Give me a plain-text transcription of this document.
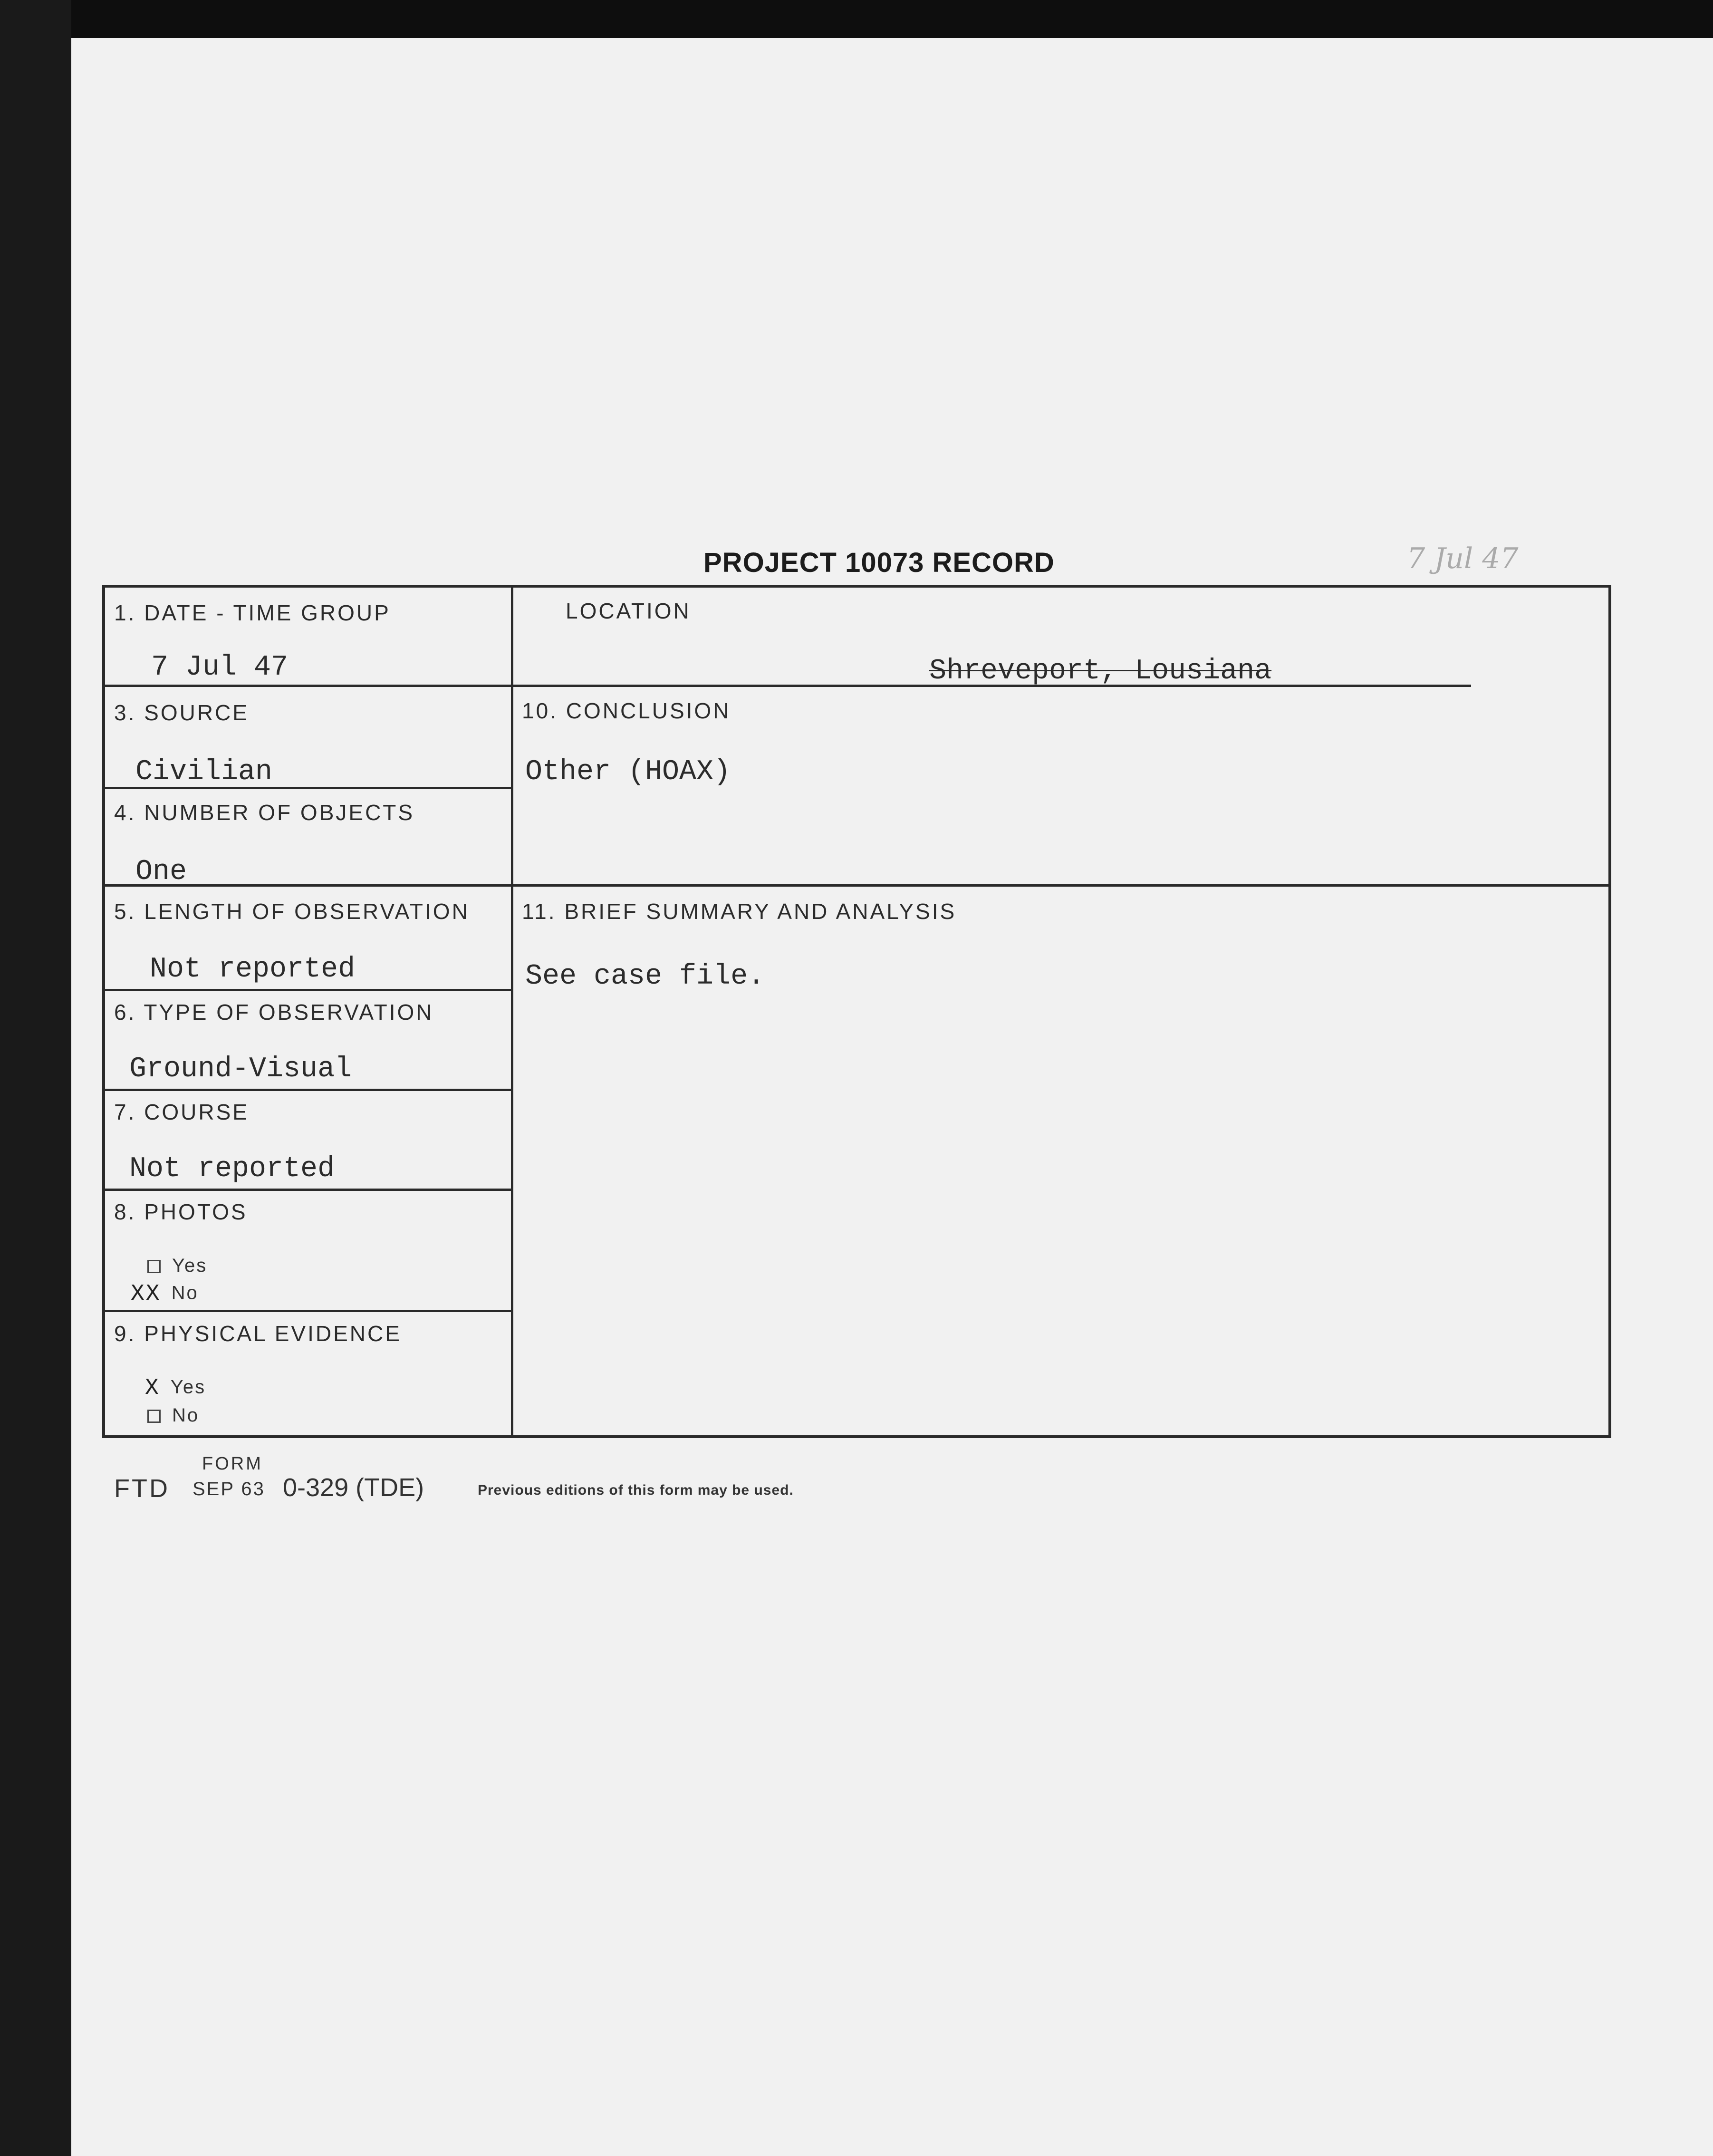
PROJECT 10073 RECORD	7 Jul 47
1. DATE - TIME GROUP
7 Jul 47
LOCATION
Shreveport, Lousiana
3. SOURCE
Civilian
10. CONCLUSION
Other (HOAX)
4. NUMBER OF OBJECTS
One
5. LENGTH OF OBSERVATION
Not reported
11. BRIEF SUMMARY AND ANALYSIS
See case file.
6. TYPE OF OBSERVATION
Ground-Visual
7. COURSE
Not reported
8. PHOTOS
Yes
XX No
9. PHYSICAL EVIDENCE
X Yes
No
FORM
FTD SEP 63 0-329 (TDE)	Previous editions of this form may be used.
